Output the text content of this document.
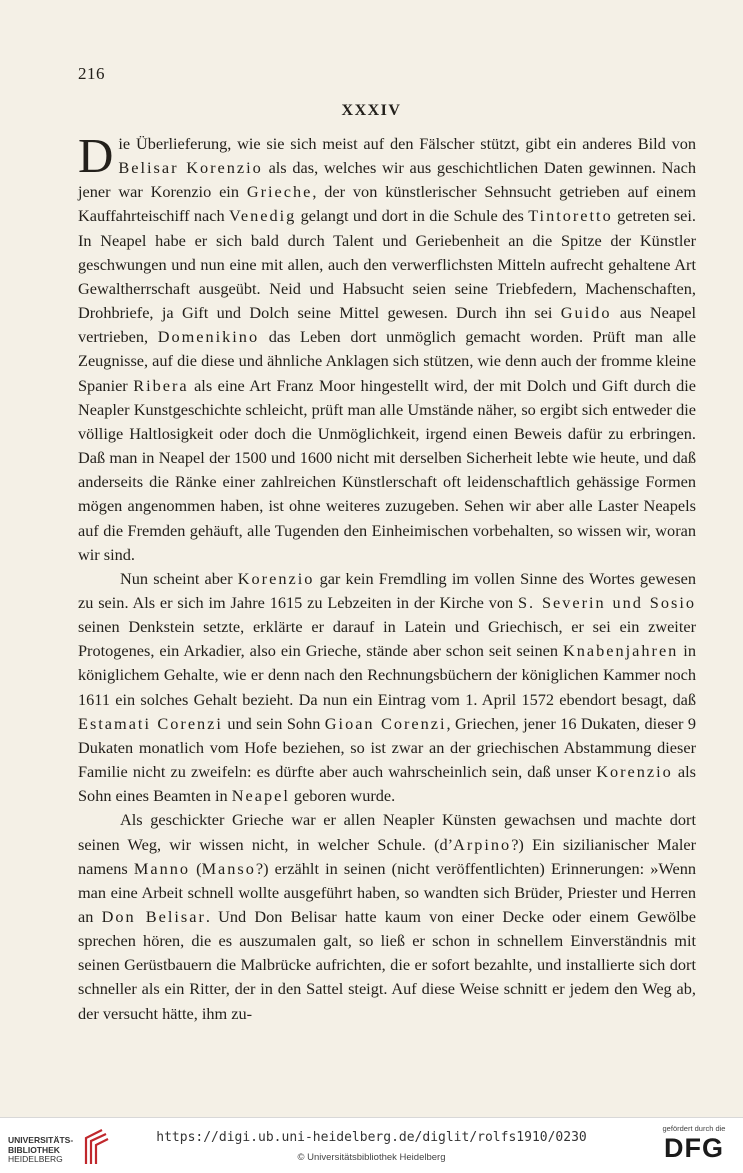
216
XXXIV

Die Überlieferung, wie sie sich meist auf den Fälscher stützt, gibt ein anderes Bild von Belisar Korenzio als das, welches wir aus geschichtlichen Daten gewinnen. Nach jener war Korenzio ein Grieche, der von künstlerischer Sehnsucht getrieben auf einem Kauffahrteischiff nach Venedig gelangt und dort in die Schule des Tintoretto getreten sei. In Neapel habe er sich bald durch Talent und Geriebenheit an die Spitze der Künstler geschwungen und nun eine mit allen, auch den verwerflichsten Mitteln aufrecht gehaltene Art Gewaltherrschaft ausgeübt. Neid und Habsucht seien seine Triebfedern, Machenschaften, Drohbriefe, ja Gift und Dolch seine Mittel gewesen. Durch ihn sei Guido aus Neapel vertrieben, Domenikino das Leben dort unmöglich gemacht worden. Prüft man alle Zeugnisse, auf die diese und ähnliche Anklagen sich stützen, wie denn auch der fromme kleine Spanier Ribera als eine Art Franz Moor hingestellt wird, der mit Dolch und Gift durch die Neapler Kunstgeschichte schleicht, prüft man alle Umstände näher, so ergibt sich entweder die völlige Haltlosigkeit oder doch die Unmöglichkeit, irgend einen Beweis dafür zu erbringen. Daß man in Neapel der 1500 und 1600 nicht mit derselben Sicherheit lebte wie heute, und daß anderseits die Ränke einer zahlreichen Künstlerschaft oft leidenschaftlich gehässige Formen mögen angenommen haben, ist ohne weiteres zuzugeben. Sehen wir aber alle Laster Neapels auf die Fremden gehäuft, alle Tugenden den Einheimischen vorbehalten, so wissen wir, woran wir sind.

Nun scheint aber Korenzio gar kein Fremdling im vollen Sinne des Wortes gewesen zu sein. Als er sich im Jahre 1615 zu Lebzeiten in der Kirche von S. Severin und Sosio seinen Denkstein setzte, erklärte er darauf in Latein und Griechisch, er sei ein zweiter Protogenes, ein Arkadier, also ein Grieche, stände aber schon seit seinen Knabenjahren in königlichem Gehalte, wie er denn nach den Rechnungsbüchern der königlichen Kammer noch 1611 ein solches Gehalt bezieht. Da nun ein Eintrag vom 1. April 1572 ebendort besagt, daß Estamati Corenzi und sein Sohn Gioan Corenzi, Griechen, jener 16 Dukaten, dieser 9 Dukaten monatlich vom Hofe beziehen, so ist zwar an der griechischen Abstammung dieser Familie nicht zu zweifeln: es dürfte aber auch wahrscheinlich sein, daß unser Korenzio als Sohn eines Beamten in Neapel geboren wurde.

Als geschickter Grieche war er allen Neapler Künsten gewachsen und machte dort seinen Weg, wir wissen nicht, in welcher Schule. (d’Arpino?) Ein sizilianischer Maler namens Manno (Manso?) erzählt in seinen (nicht veröffentlichten) Erinnerungen: »Wenn man eine Arbeit schnell wollte ausgeführt haben, so wandten sich Brüder, Priester und Herren an Don Belisar. Und Don Belisar hatte kaum von einer Decke oder einem Gewölbe sprechen hören, die es auszumalen galt, so ließ er schon in schnellem Einverständnis mit seinen Gerüstbauern die Malbrücke aufrichten, die er sofort bezahlte, und installierte sich dort schneller als ein Ritter, der in den Sattel steigt. Auf diese Weise schnitt er jedem den Weg ab, der versucht hätte, ihm zu-

UNIVERSITÄTS-
BIBLIOTHEK
HEIDELBERG
https://digi.ub.uni-heidelberg.de/diglit/rolfs1910/0230
© Universitätsbibliothek Heidelberg
gefördert durch die
DFG
